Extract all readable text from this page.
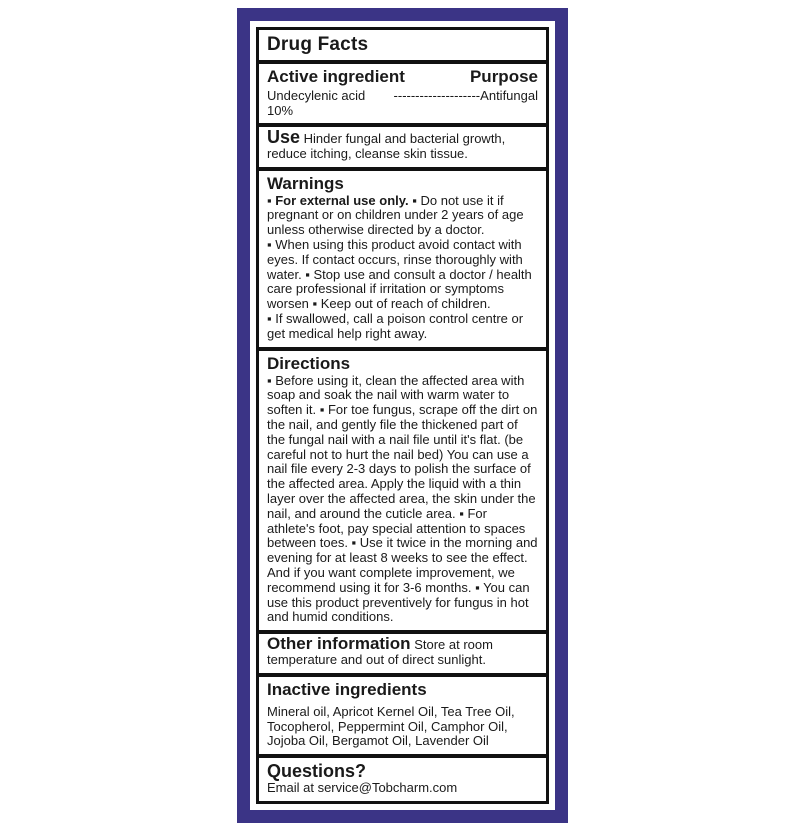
Drug Facts
Active ingredient	Purpose
Undecylenic acid 10%
-------------------- Antifungal

Use Hinder fungal and bacterial growth, reduce itching, cleanse skin tissue.

Warnings

▪ For external use only. ▪ Do not use it if pregnant or on children under 2 years of age unless otherwise directed by a doctor.

▪ When using this product avoid contact with eyes. If contact occurs, rinse thoroughly with water. ▪ Stop use and consult a doctor / health care professional if irritation or symptoms worsen ▪ Keep out of reach of children.

▪ If swallowed, call a poison control centre or get medical help right away.

Directions

▪ Before using it, clean the affected area with soap and soak the nail with warm water to soften it. ▪ For toe fungus, scrape off the dirt on the nail, and gently file the thickened part of the fungal nail with a nail file until it's flat. (be careful not to hurt the nail bed) You can use a nail file every 2-3 days to polish the surface of the affected area. Apply the liquid with a thin layer over the affected area, the skin under the nail, and around the cuticle area. ▪ For athlete's foot, pay special attention to spaces between toes. ▪ Use it twice in the morning and evening for at least 8 weeks to see the effect. And if you want complete improvement, we recommend using it for 3-6 months. ▪ You can use this product preventively for fungus in hot and humid conditions.

Other information Store at room temperature and out of direct sunlight.

Inactive ingredients

Mineral oil, Apricot Kernel Oil, Tea Tree Oil, Tocopherol, Peppermint Oil, Camphor Oil, Jojoba Oil, Bergamot Oil, Lavender Oil

Questions?

Email at service@Tobcharm.com
